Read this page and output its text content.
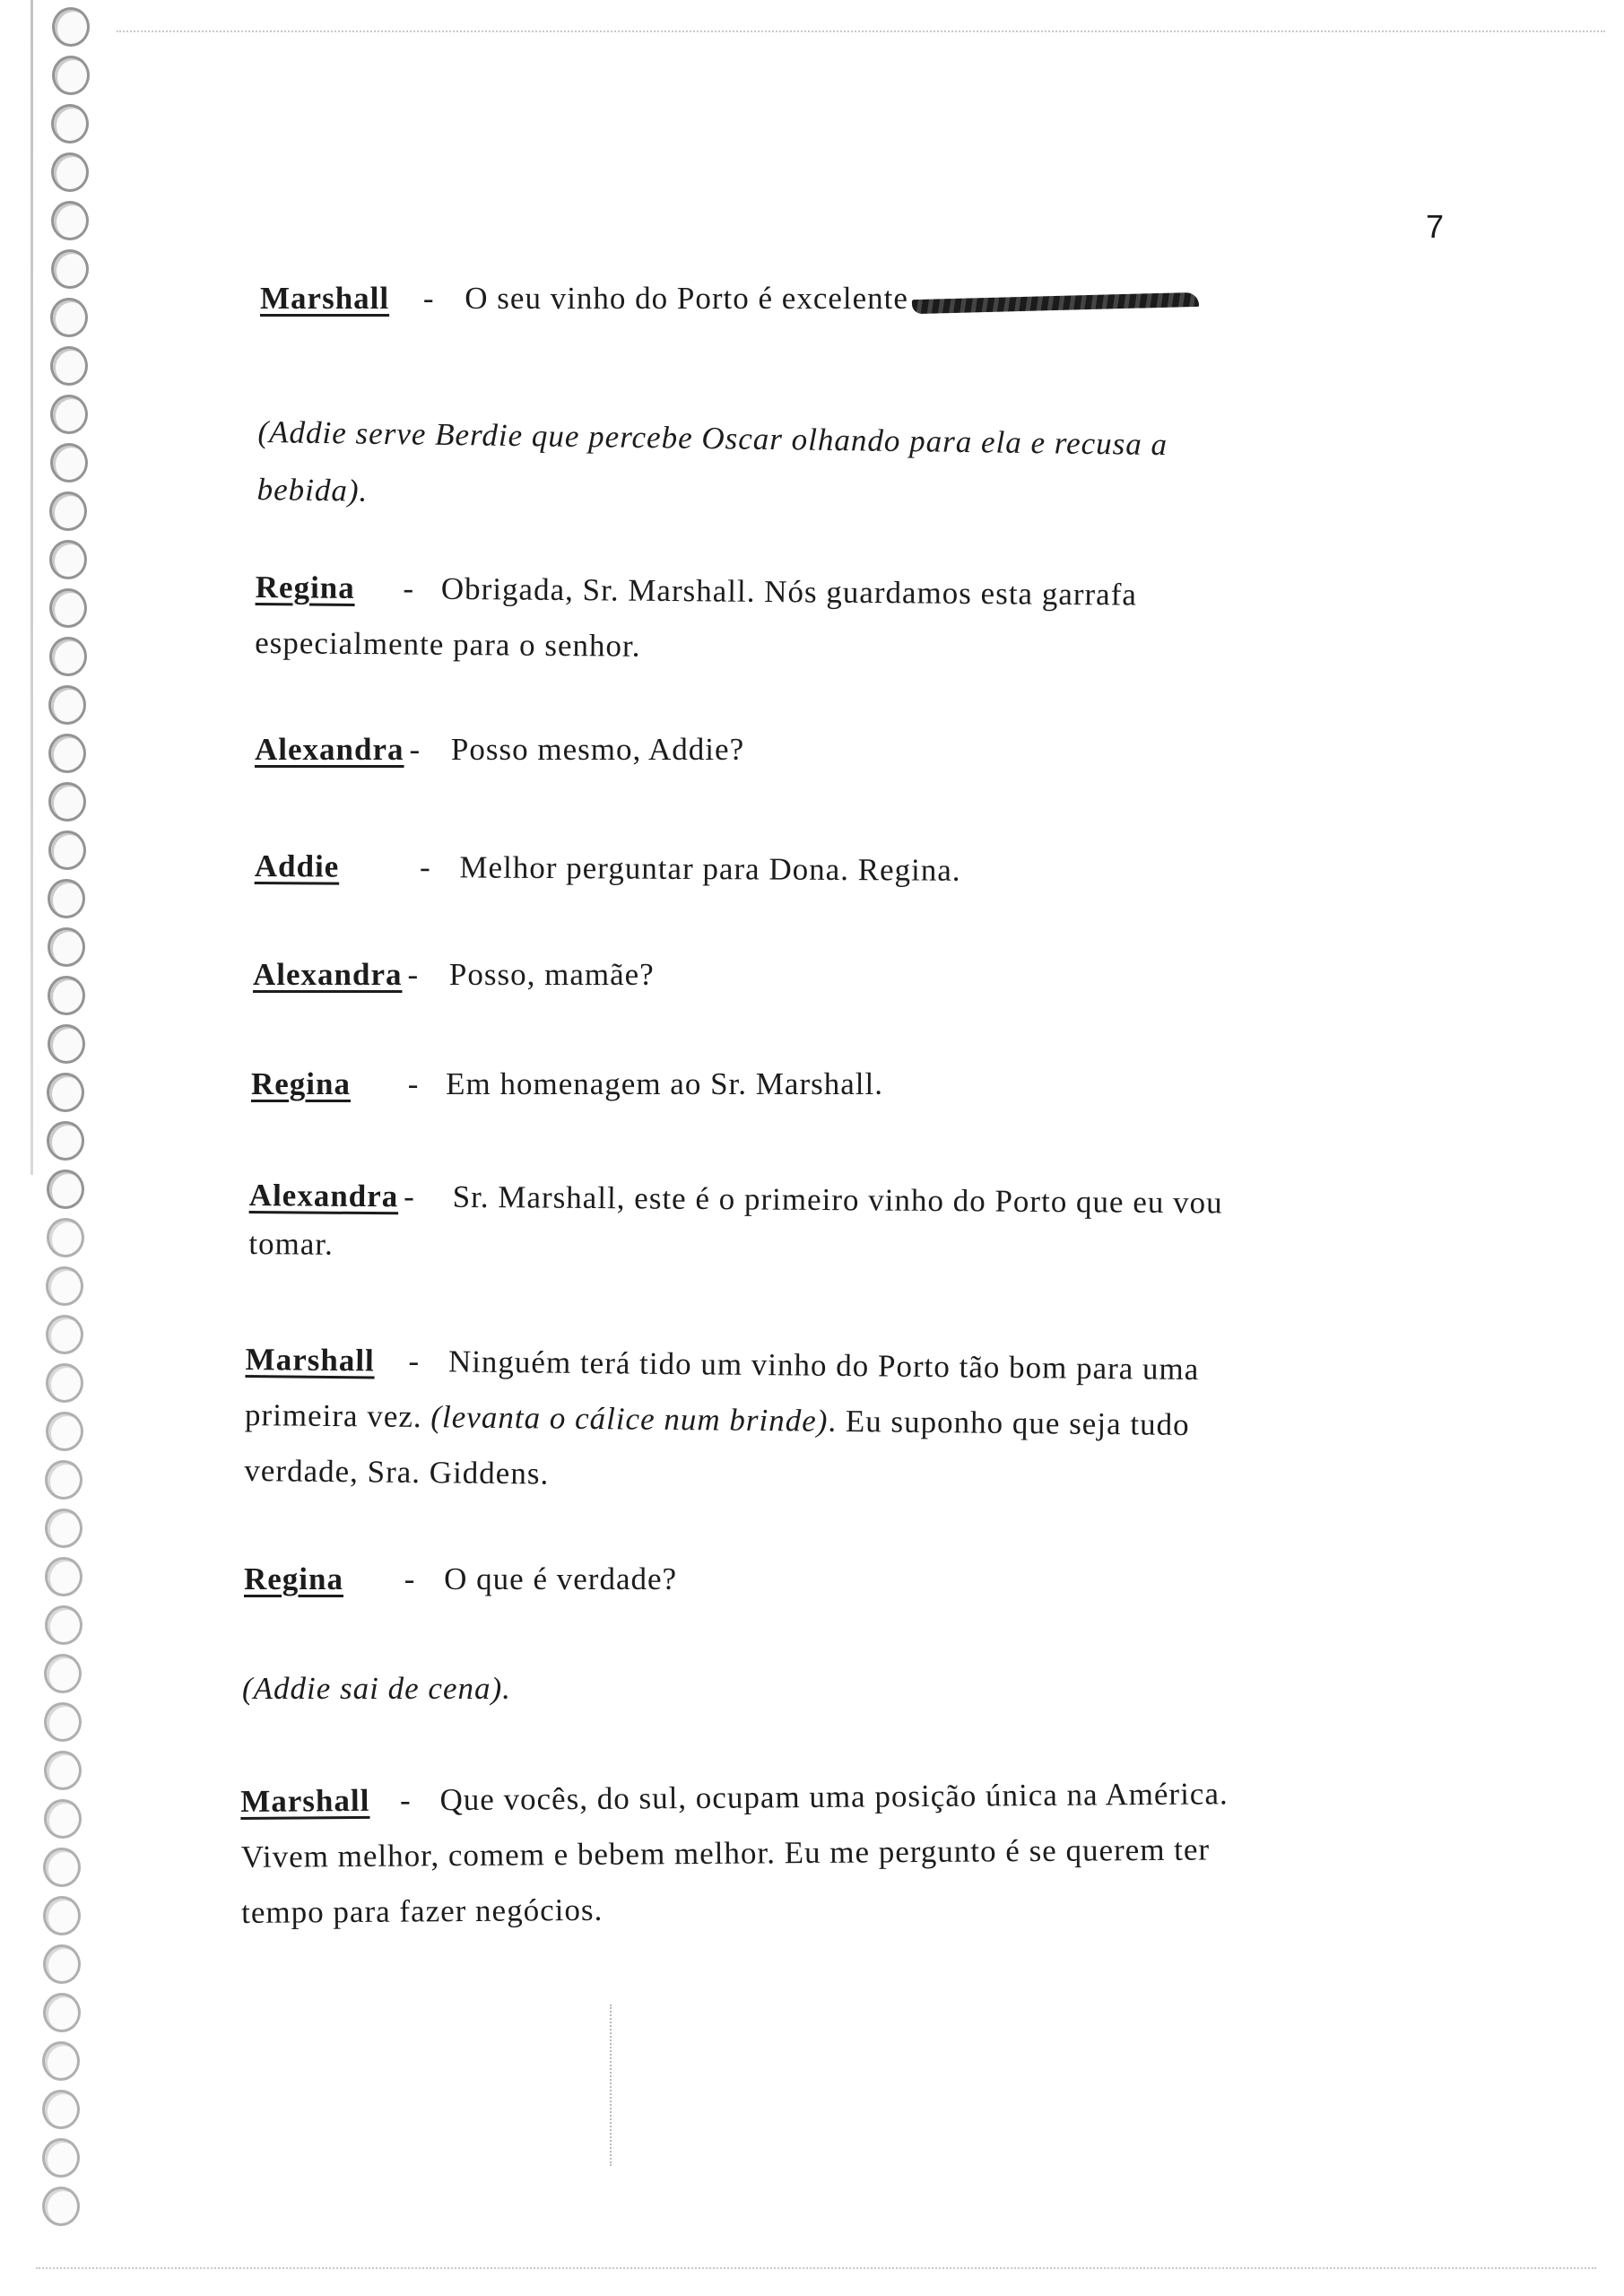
7
Marshall - O seu vinho do Porto é excelente
(Addie serve Berdie que percebe Oscar olhando para ela e recusa a
bebida).
Regina - Obrigada, Sr. Marshall. Nós guardamos esta garrafa
especialmente para o senhor.
Alexandra - Posso mesmo, Addie?
Addie	- Melhor perguntar para Dona. Regina.
Alexandra - Posso, mamãe?
Regina - Em homenagem ao Sr. Marshall.
Alexandra - Sr. Marshall, este é o primeiro vinho do Porto que eu vou
tomar.
Marshall - Ninguém terá tido um vinho do Porto tão bom para uma
primeira vez. (levanta o cálice num brinde). Eu suponho que seja tudo
verdade, Sra. Giddens.
Regina - O que é verdade?
(Addie sai de cena).
Marshall - Que vocês, do sul, ocupam uma posição única na América.
Vivem melhor, comem e bebem melhor. Eu me pergunto é se querem ter
tempo para fazer negócios.
